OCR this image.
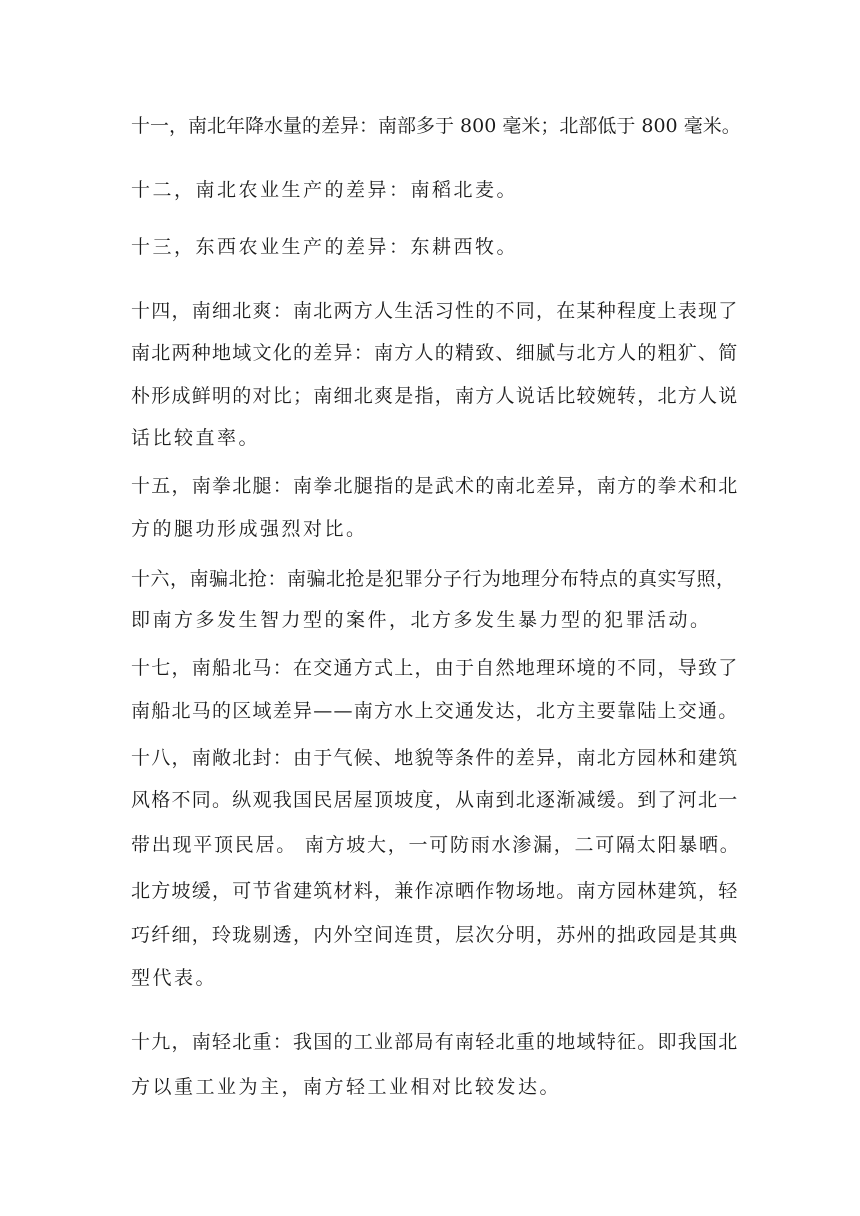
十一，南北年降水量的差异：南部多于 800 毫米；北部低于 800 毫米。
十二，南北农业生产的差异：南稻北麦。
十三，东西农业生产的差异：东耕西牧。
十四，南细北爽：南北两方人生活习性的不同，在某种程度上表现了
南北两种地域文化的差异：南方人的精致、细腻与北方人的粗犷、简
朴形成鲜明的对比；南细北爽是指，南方人说话比较婉转，北方人说
话比较直率。
十五，南拳北腿：南拳北腿指的是武术的南北差异，南方的拳术和北
方的腿功形成强烈对比。
十六，南骗北抢：南骗北抢是犯罪分子行为地理分布特点的真实写照，
即南方多发生智力型的案件，北方多发生暴力型的犯罪活动。
十七，南船北马：在交通方式上，由于自然地理环境的不同，导致了
南船北马的区域差异——南方水上交通发达，北方主要靠陆上交通。
十八，南敞北封：由于气候、地貌等条件的差异，南北方园林和建筑
风格不同。纵观我国民居屋顶坡度，从南到北逐渐减缓。到了河北一
带出现平顶民居。 南方坡大，一可防雨水渗漏，二可隔太阳暴晒。
北方坡缓，可节省建筑材料，兼作凉晒作物场地。南方园林建筑，轻
巧纤细，玲珑剔透，内外空间连贯，层次分明，苏州的拙政园是其典
型代表。
十九，南轻北重：我国的工业部局有南轻北重的地域特征。即我国北
方以重工业为主，南方轻工业相对比较发达。
